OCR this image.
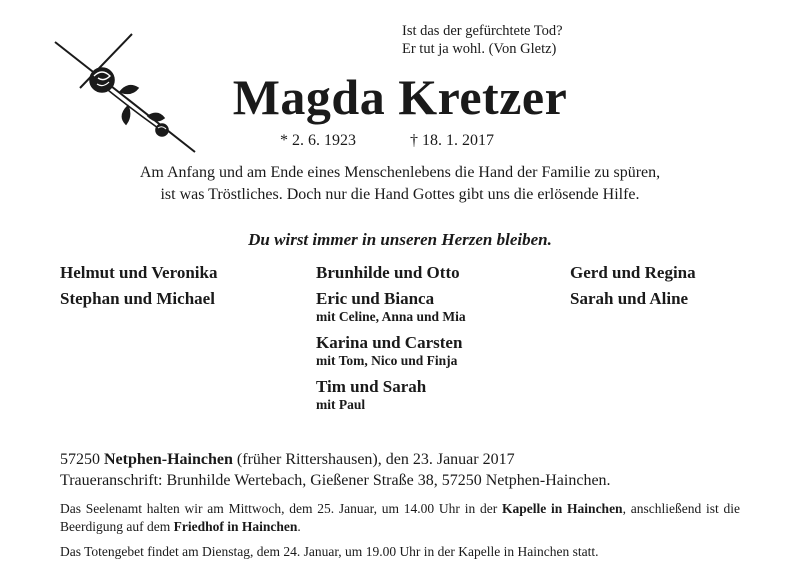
Ist das der gefürchtete Tod?
Er tut ja wohl. (Von Gletz)
Magda Kretzer
* 2. 6. 1923	† 18. 1. 2017
Am Anfang und am Ende eines Menschenlebens die Hand der Familie zu spüren,
ist was Tröstliches. Doch nur die Hand Gottes gibt uns die erlösende Hilfe.
Du wirst immer in unseren Herzen bleiben.
Helmut und Veronika
Stephan und Michael
Brunhilde und Otto
Eric und Bianca
mit Celine, Anna und Mia
Karina und Carsten
mit Tom, Nico und Finja
Tim und Sarah
mit Paul
Gerd und Regina
Sarah und Aline
57250 Netphen-Hainchen (früher Rittershausen), den 23. Januar 2017
Traueranschrift: Brunhilde Wertebach, Gießener Straße 38, 57250 Netphen-Hainchen.
Das Seelenamt halten wir am Mittwoch, dem 25. Januar, um 14.00 Uhr in der Kapelle in Hainchen, anschließend ist die Beerdigung auf dem Friedhof in Hainchen.
Das Totengebet findet am Dienstag, dem 24. Januar, um 19.00 Uhr in der Kapelle in Hainchen statt.
